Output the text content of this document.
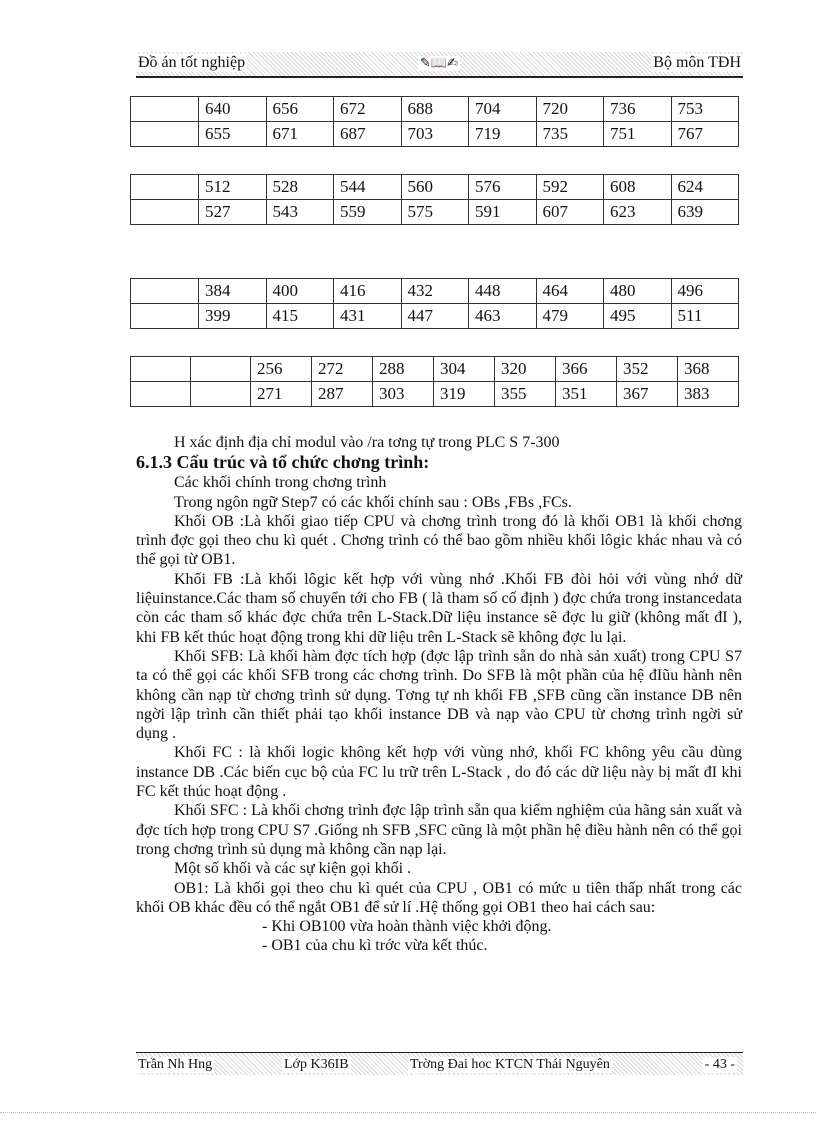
Đồ án tốt nghiệp	✎📖✍	Bộ môn TĐH
	640	656	672	688	704	720	736	753
	655	671	687	703	719	735	751	767
	512	528	544	560	576	592	608	624
	527	543	559	575	591	607	623	639
	384	400	416	432	448	464	480	496
	399	415	431	447	463	479	495	511
		256	272	288	304	320	366	352	368
		271	287	303	319	355	351	367	383

H xác định địa chỉ modul vào /ra tơng tự trong PLC S 7-300

6.1.3 Cấu trúc và tổ chức chơng trình:

Các khối chính trong chơng trình

Trong ngôn ngữ Step7 có các khối chính sau : OBs ,FBs ,FCs.

Khối OB :Là khối giao tiếp CPU và chơng trình trong đó là khối OB1 là khối chơng trình đợc gọi theo chu kì quét . Chơng trình có thể bao gồm nhiều khối lôgic khác nhau và có thể gọi từ OB1.

Khối FB :Là khối lôgic kết hợp với vùng nhớ .Khối FB đòi hỏi với vùng nhớ dữ liệuinstance.Các tham số chuyển tới cho FB ( là tham số cố định ) đợc chứa trong instancedata còn các tham số khác đợc chứa trên L-Stack.Dữ liệu instance sẽ đợc lu giữ (không mất đI ), khi FB kết thúc hoạt động trong khi dữ liệu trên L-Stack sẽ không đợc lu lại.

Khối SFB: Là khối hàm đợc tích hợp (đợc lập trình sẵn do nhà sản xuất) trong CPU S7 ta có thể gọi các khối SFB trong các chơng trình. Do SFB là một phần của hệ đIũu hành nên không cần nạp từ chơng trình sử dụng. Tơng tự nh khối FB ,SFB cũng cần instance DB nên ngời lập trình cần thiết phải tạo khối instance DB và nạp vào CPU từ chơng trình ngời sử dụng .

Khối FC : là khối logic không kết hợp với vùng nhớ, khối FC không yêu cầu dùng instance DB .Các biến cục bộ của FC lu trữ trên L-Stack , do đó các dữ liệu này bị mất đI khi FC kết thúc hoạt động .

Khối SFC : Là khối chơng trình đợc lập trình sẵn qua kiểm nghiệm của hãng sản xuất và đợc tích hợp trong CPU S7 .Giống nh SFB ,SFC cũng là một phần hệ điều hành nên có thể gọi trong chơng trình sủ dụng mà không cần nạp lại.

Một số khối và các sự kiện gọi khối .

OB1: Là khối gọi theo chu kì quét của CPU , OB1 có mức u tiên thấp nhất trong các khối OB khác đều có thể ngắt OB1 để sử lí .Hệ thống gọi OB1 theo hai cách sau:

- Khi OB100 vừa hoàn thành việc khởi động.

- OB1 của chu kì trớc vừa kết thúc.

Trần Nh Hng	Lớp K36IB	Trờng Đai hoc KTCN Thái Nguyên	- 43 -
